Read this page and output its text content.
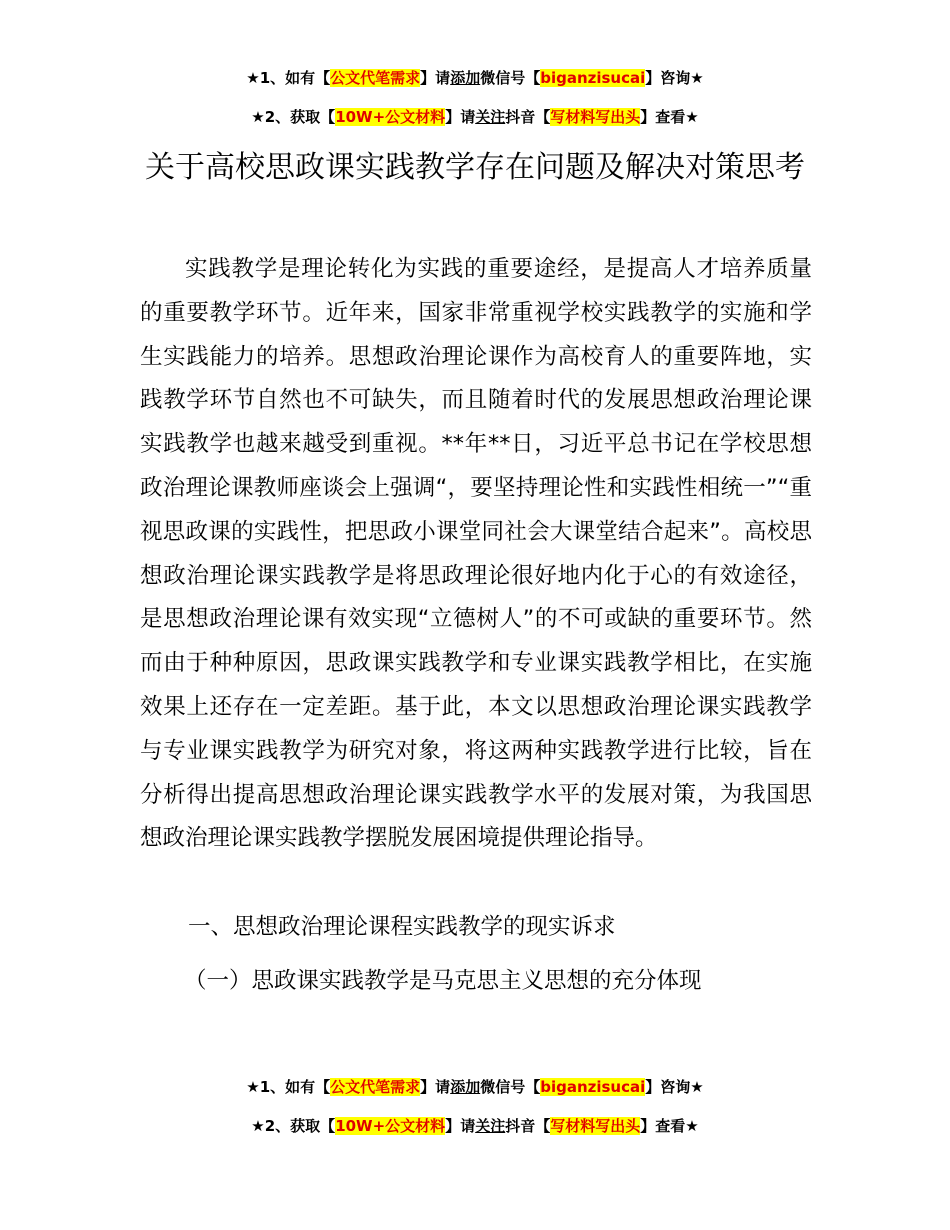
★1、如有【公文代笔需求】请添加微信号【biganzisucai】咨询★
★2、获取【10W+公文材料】请关注抖音【写材料写出头】查看★
关于高校思政课实践教学存在问题及解决对策思考

实践教学是理论转化为实践的重要途经，是提高人才培养质量的重要教学环节。近年来，国家非常重视学校实践教学的实施和学生实践能力的培养。思想政治理论课作为高校育人的重要阵地，实践教学环节自然也不可缺失，而且随着时代的发展思想政治理论课实践教学也越来越受到重视。**年**日，习近平总书记在学校思想政治理论课教师座谈会上强调“，要坚持理论性和实践性相统一”“重视思政课的实践性，把思政小课堂同社会大课堂结合起来”。高校思想政治理论课实践教学是将思政理论很好地内化于心的有效途径，是思想政治理论课有效实现“立德树人”的不可或缺的重要环节。然而由于种种原因，思政课实践教学和专业课实践教学相比，在实施效果上还存在一定差距。基于此，本文以思想政治理论课实践教学与专业课实践教学为研究对象，将这两种实践教学进行比较，旨在分析得出提高思想政治理论课实践教学水平的发展对策，为我国思想政治理论课实践教学摆脱发展困境提供理论指导。

一、思想政治理论课程实践教学的现实诉求

（一）思政课实践教学是马克思主义思想的充分体现

★1、如有【公文代笔需求】请添加微信号【biganzisucai】咨询★
★2、获取【10W+公文材料】请关注抖音【写材料写出头】查看★
